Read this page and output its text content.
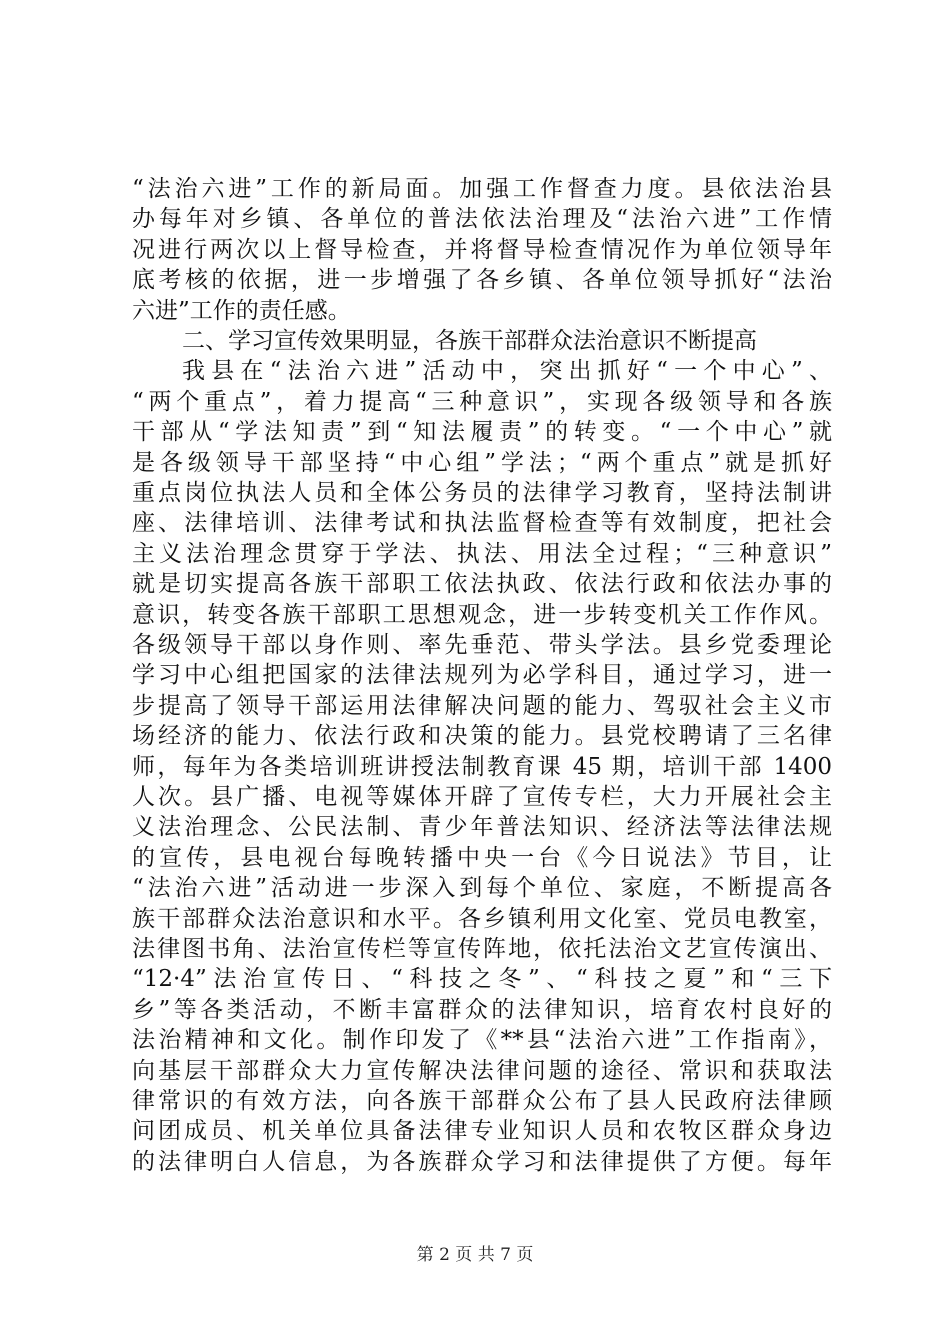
“法治六进”工作的新局面。加强工作督查力度。县依法治县
办每年对乡镇、各单位的普法依法治理及“法治六进”工作情
况进行两次以上督导检查，并将督导检查情况作为单位领导年
底考核的依据，进一步增强了各乡镇、各单位领导抓好“法治
六进”工作的责任感。
二、学习宣传效果明显，各族干部群众法治意识不断提高
我县在“法治六进”活动中，突出抓好“一个中心”、
“两个重点”，着力提高“三种意识”，实现各级领导和各族
干部从“学法知责”到“知法履责”的转变。“一个中心”就
是各级领导干部坚持“中心组”学法；“两个重点”就是抓好
重点岗位执法人员和全体公务员的法律学习教育，坚持法制讲
座、法律培训、法律考试和执法监督检查等有效制度，把社会
主义法治理念贯穿于学法、执法、用法全过程；“三种意识”
就是切实提高各族干部职工依法执政、依法行政和依法办事的
意识，转变各族干部职工思想观念，进一步转变机关工作作风。
各级领导干部以身作则、率先垂范、带头学法。县乡党委理论
学习中心组把国家的法律法规列为必学科目，通过学习，进一
步提高了领导干部运用法律解决问题的能力、驾驭社会主义市
场经济的能力、依法行政和决策的能力。县党校聘请了三名律
师，每年为各类培训班讲授法制教育课 45 期，培训干部 1400
人次。县广播、电视等媒体开辟了宣传专栏，大力开展社会主
义法治理念、公民法制、青少年普法知识、经济法等法律法规
的宣传，县电视台每晚转播中央一台《今日说法》节目，让
“法治六进”活动进一步深入到每个单位、家庭，不断提高各
族干部群众法治意识和水平。各乡镇利用文化室、党员电教室，
法律图书角、法治宣传栏等宣传阵地，依托法治文艺宣传演出、
“12·4”法治宣传日、“科技之冬”、“科技之夏”和“三下
乡”等各类活动，不断丰富群众的法律知识，培育农村良好的
法治精神和文化。制作印发了《**县“法治六进”工作指南》，
向基层干部群众大力宣传解决法律问题的途径、常识和获取法
律常识的有效方法，向各族干部群众公布了县人民政府法律顾
第 2 页 共 7 页
问团成员、机关单位具备法律专业知识人员和农牧区群众身边
的法律明白人信息，为各族群众学习和法律提供了方便。每年
